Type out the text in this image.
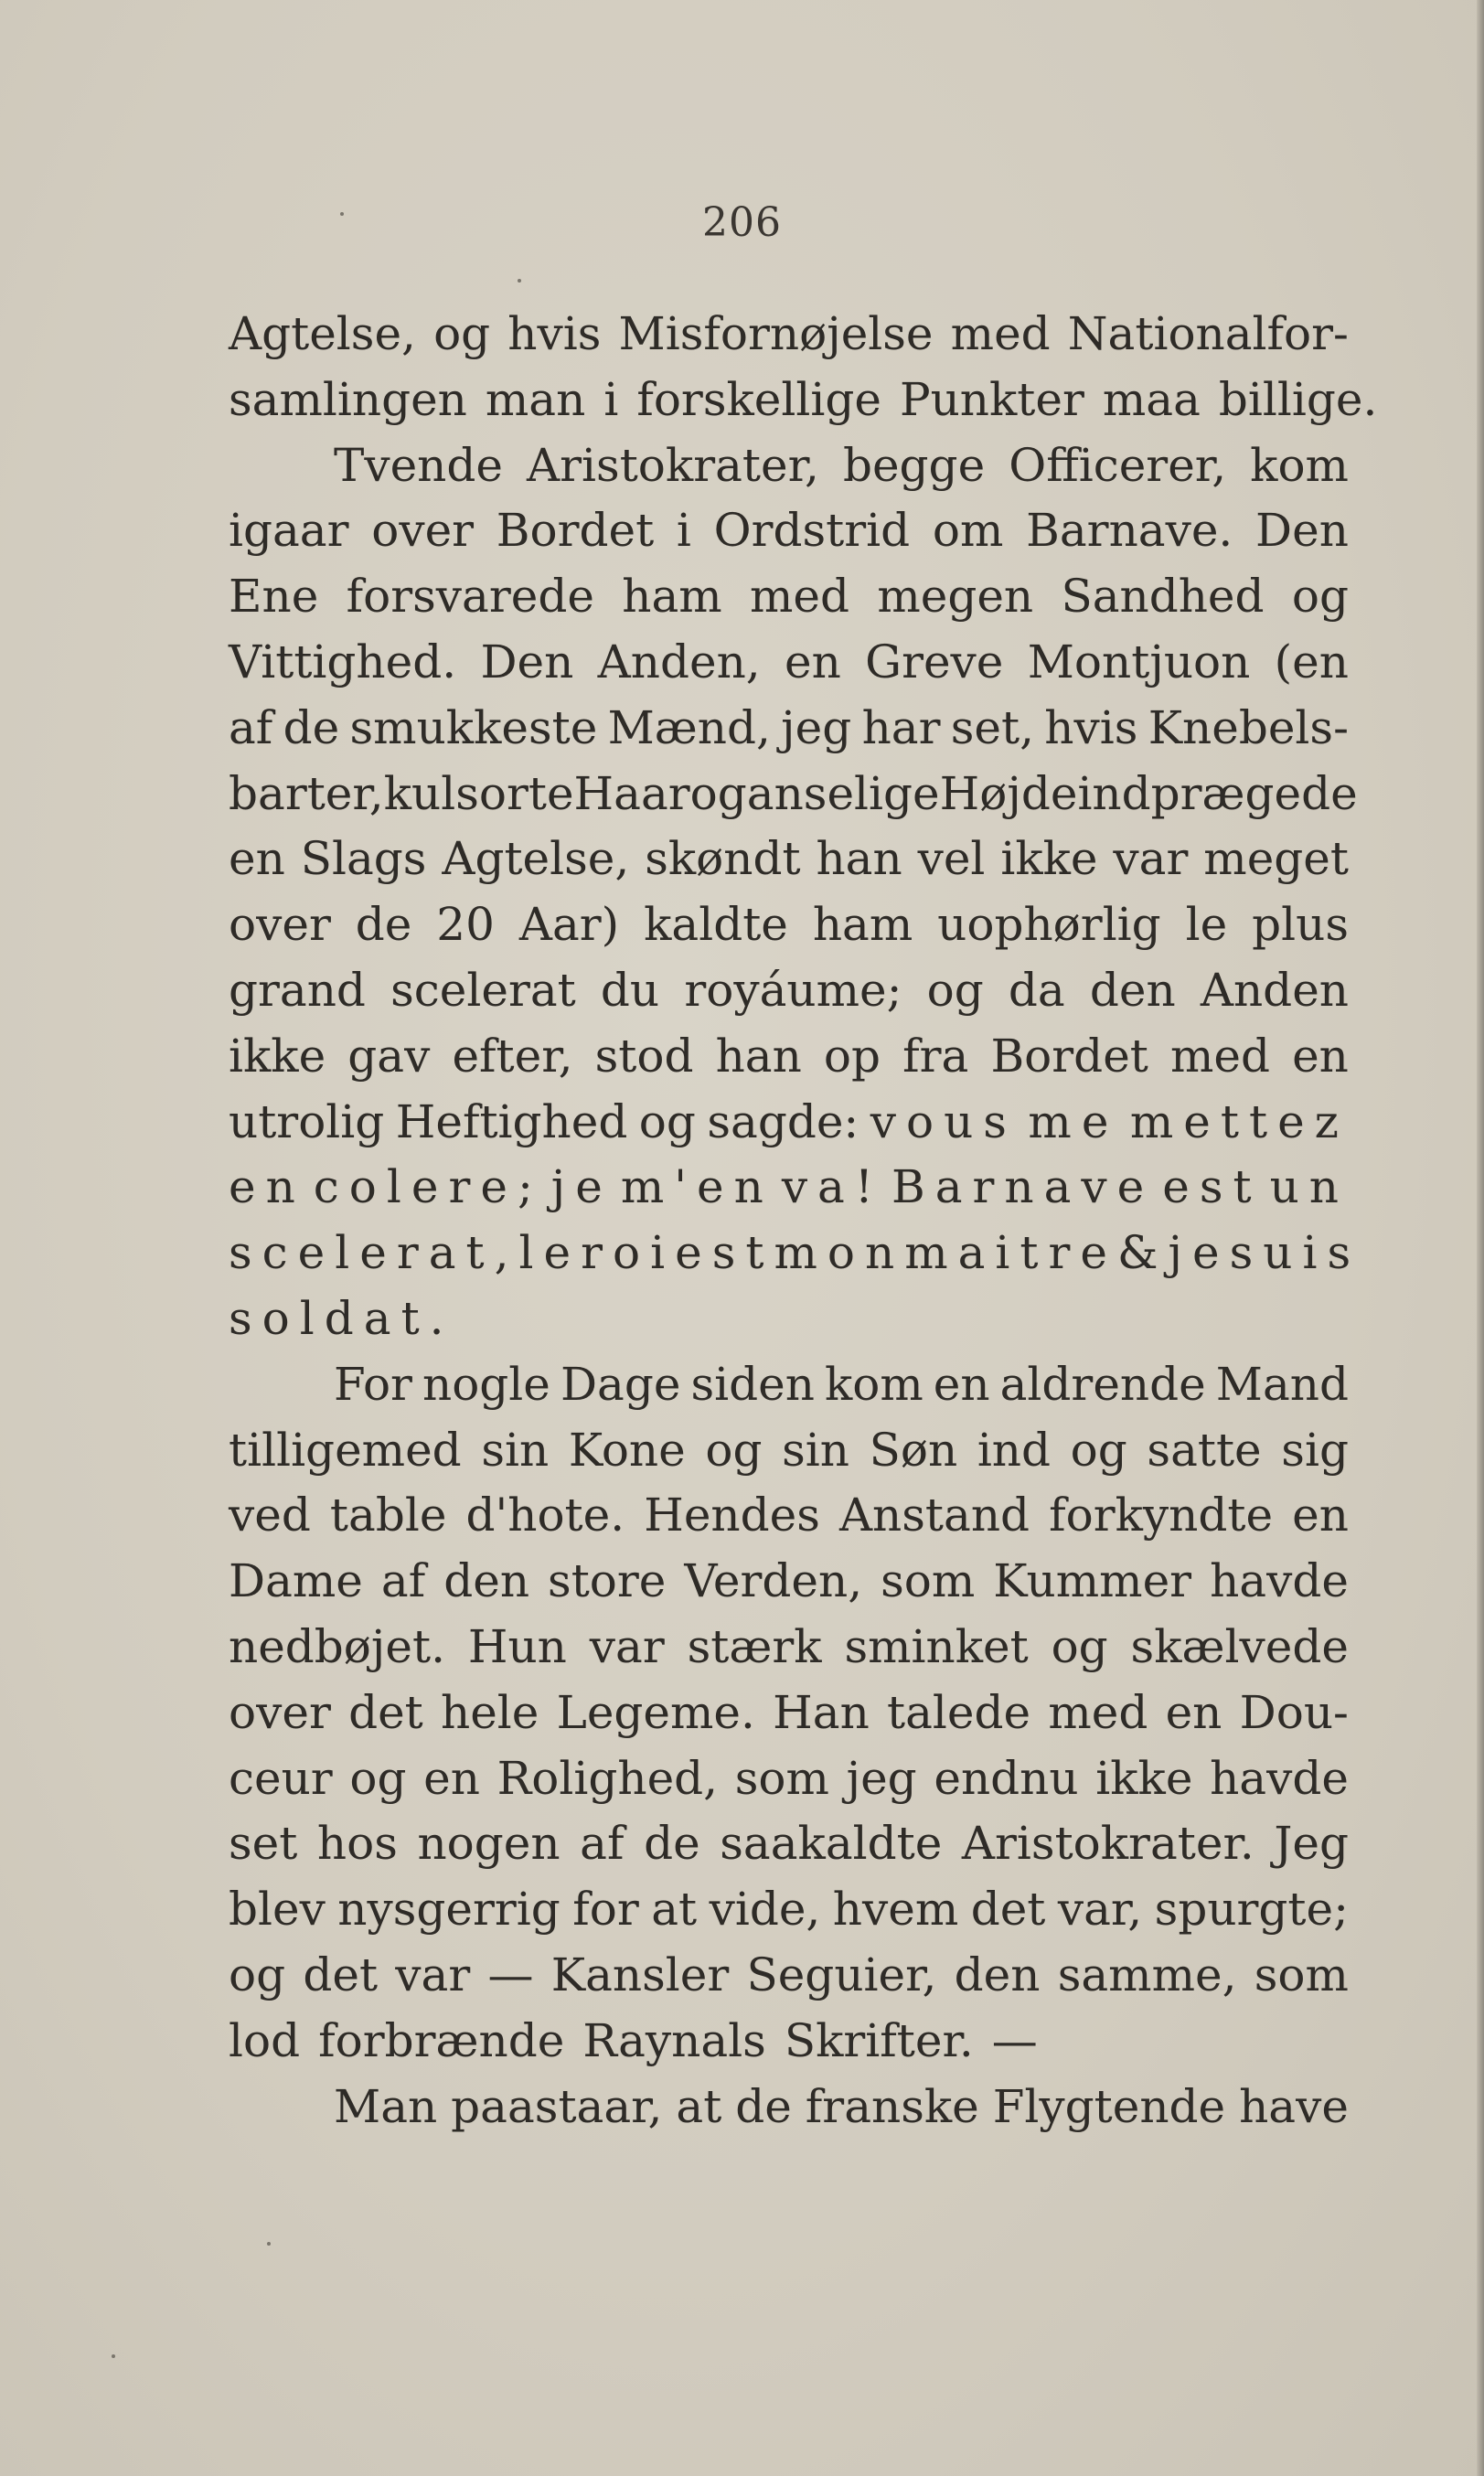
206
Agtelse, og hvis Misfornøjelse med Nationalfor-
samlingen man i forskellige Punkter maa billige.
Tvende Aristokrater, begge Officerer, kom
igaar over Bordet i Ordstrid om Barnave. Den
Ene forsvarede ham med megen Sandhed og
Vittighed. Den Anden, en Greve Montjuon (en
af de smukkeste Mænd, jeg har set, hvis Knebels-
barter, kulsorte Haar og anselige Højde indprægede
en Slags Agtelse, skøndt han vel ikke var meget
over de 20 Aar) kaldte ham uophørlig le plus
grand scelerat du royáume; og da den Anden
ikke gav efter, stod han op fra Bordet med en
utrolig Heftighed og sagde: vous me mettez
en colere; je m'en va! Barnave est un
scelerat, le roi est mon maitre & je suis
soldat.
For nogle Dage siden kom en aldrende Mand
tilligemed sin Kone og sin Søn ind og satte sig
ved table d'hote. Hendes Anstand forkyndte en
Dame af den store Verden, som Kummer havde
nedbøjet. Hun var stærk sminket og skælvede
over det hele Legeme. Han talede med en Dou-
ceur og en Rolighed, som jeg endnu ikke havde
set hos nogen af de saakaldte Aristokrater. Jeg
blev nysgerrig for at vide, hvem det var, spurgte;
og det var — Kansler Seguier, den samme, som
lod forbrænde Raynals Skrifter. —
Man paastaar, at de franske Flygtende have
